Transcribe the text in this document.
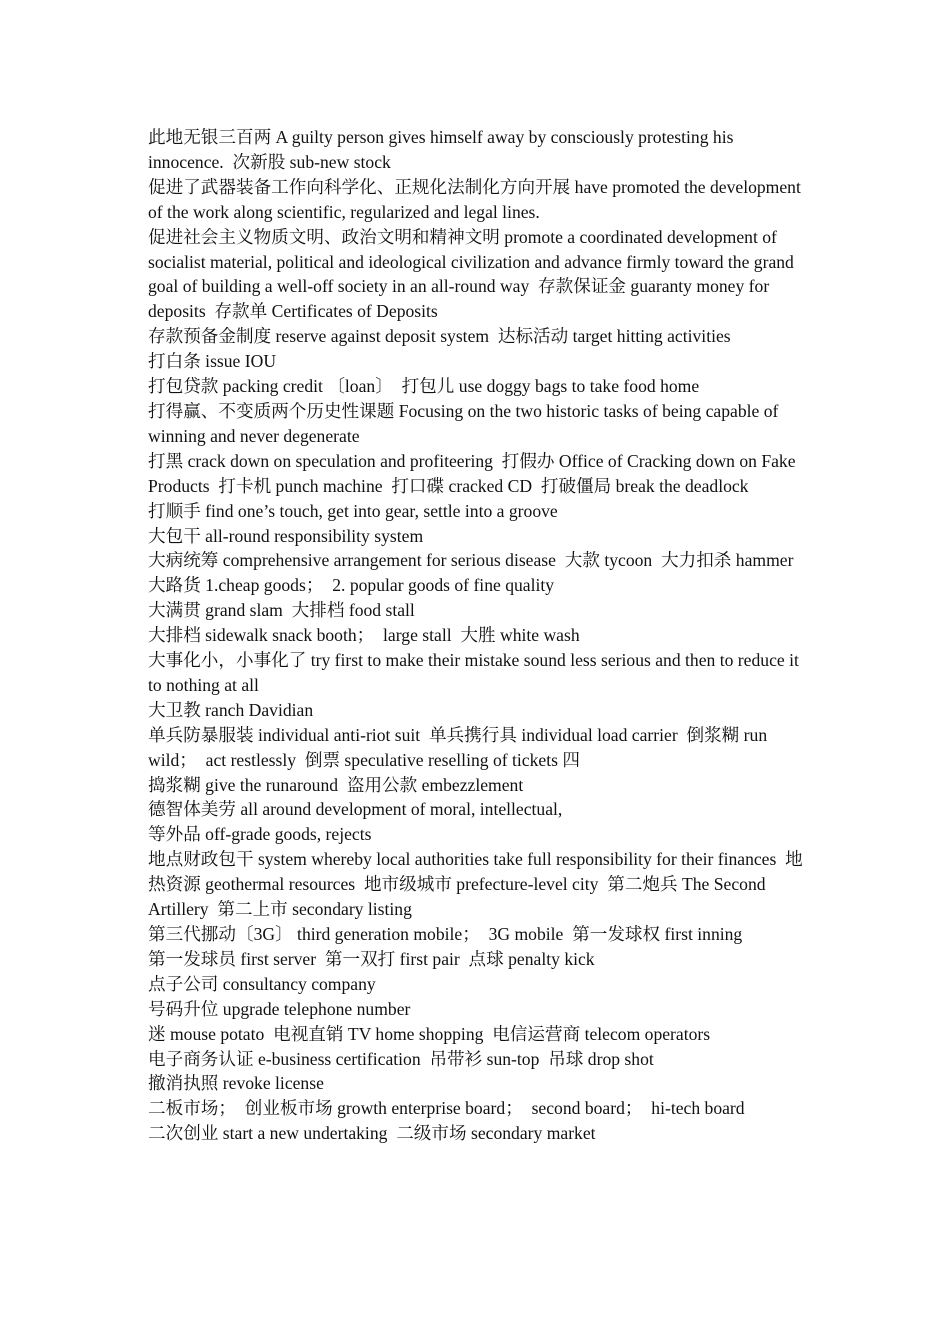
此地无银三百两 A guilty person gives himself away by consciously protesting his innocence.  次新股 sub-new stock

促进了武器装备工作向科学化、正规化法制化方向开展 have promoted the development of the work along scientific, regularized and legal lines.

促进社会主义物质文明、政治文明和精神文明 promote a coordinated development of socialist material, political and ideological civilization and advance firmly toward the grand goal of building a well-off society in an all-round way  存款保证金 guaranty money for deposits  存款单 Certificates of Deposits

存款预备金制度 reserve against deposit system  达标活动 target hitting activities

打白条 issue IOU

打包贷款 packing credit 〔loan〕  打包儿 use doggy bags to take food home

打得赢、不变质两个历史性课题 Focusing on the two historic tasks of being capable of winning and never degenerate

打黑 crack down on speculation and profiteering  打假办 Office of Cracking down on Fake Products  打卡机 punch machine  打口碟 cracked CD  打破僵局 break the deadlock

打顺手 find one’s touch, get into gear, settle into a groove

大包干 all-round responsibility system

大病统筹 comprehensive arrangement for serious disease  大款 tycoon  大力扣杀 hammer

大路货 1.cheap goods；  2. popular goods of fine quality

大满贯 grand slam  大排档 food stall

大排档 sidewalk snack booth；  large stall  大胜 white wash

大事化小，小事化了 try first to make their mistake sound less serious and then to reduce it to nothing at all

大卫教 ranch Davidian

单兵防暴服装 individual anti-riot suit  单兵携行具 individual load carrier  倒浆糊 run wild；  act restlessly  倒票 speculative reselling of tickets 四

捣浆糊 give the runaround  盗用公款 embezzlement

德智体美劳 all around development of moral, intellectual,

等外品 off-grade goods, rejects

地点财政包干 system whereby local authorities take full responsibility for their finances  地热资源 geothermal resources  地市级城市 prefecture-level city  第二炮兵 The Second Artillery  第二上市 secondary listing

第三代挪动〔3G〕 third generation mobile；  3G mobile  第一发球权 first inning

第一发球员 first server  第一双打 first pair  点球 penalty kick

点子公司 consultancy company

号码升位 upgrade telephone number

迷 mouse potato  电视直销 TV home shopping  电信运营商 telecom operators

电子商务认证 e-business certification  吊带衫 sun-top  吊球 drop shot

撤消执照 revoke license

二板市场；  创业板市场 growth enterprise board；  second board；  hi-tech board

二次创业 start a new undertaking  二级市场 secondary market
